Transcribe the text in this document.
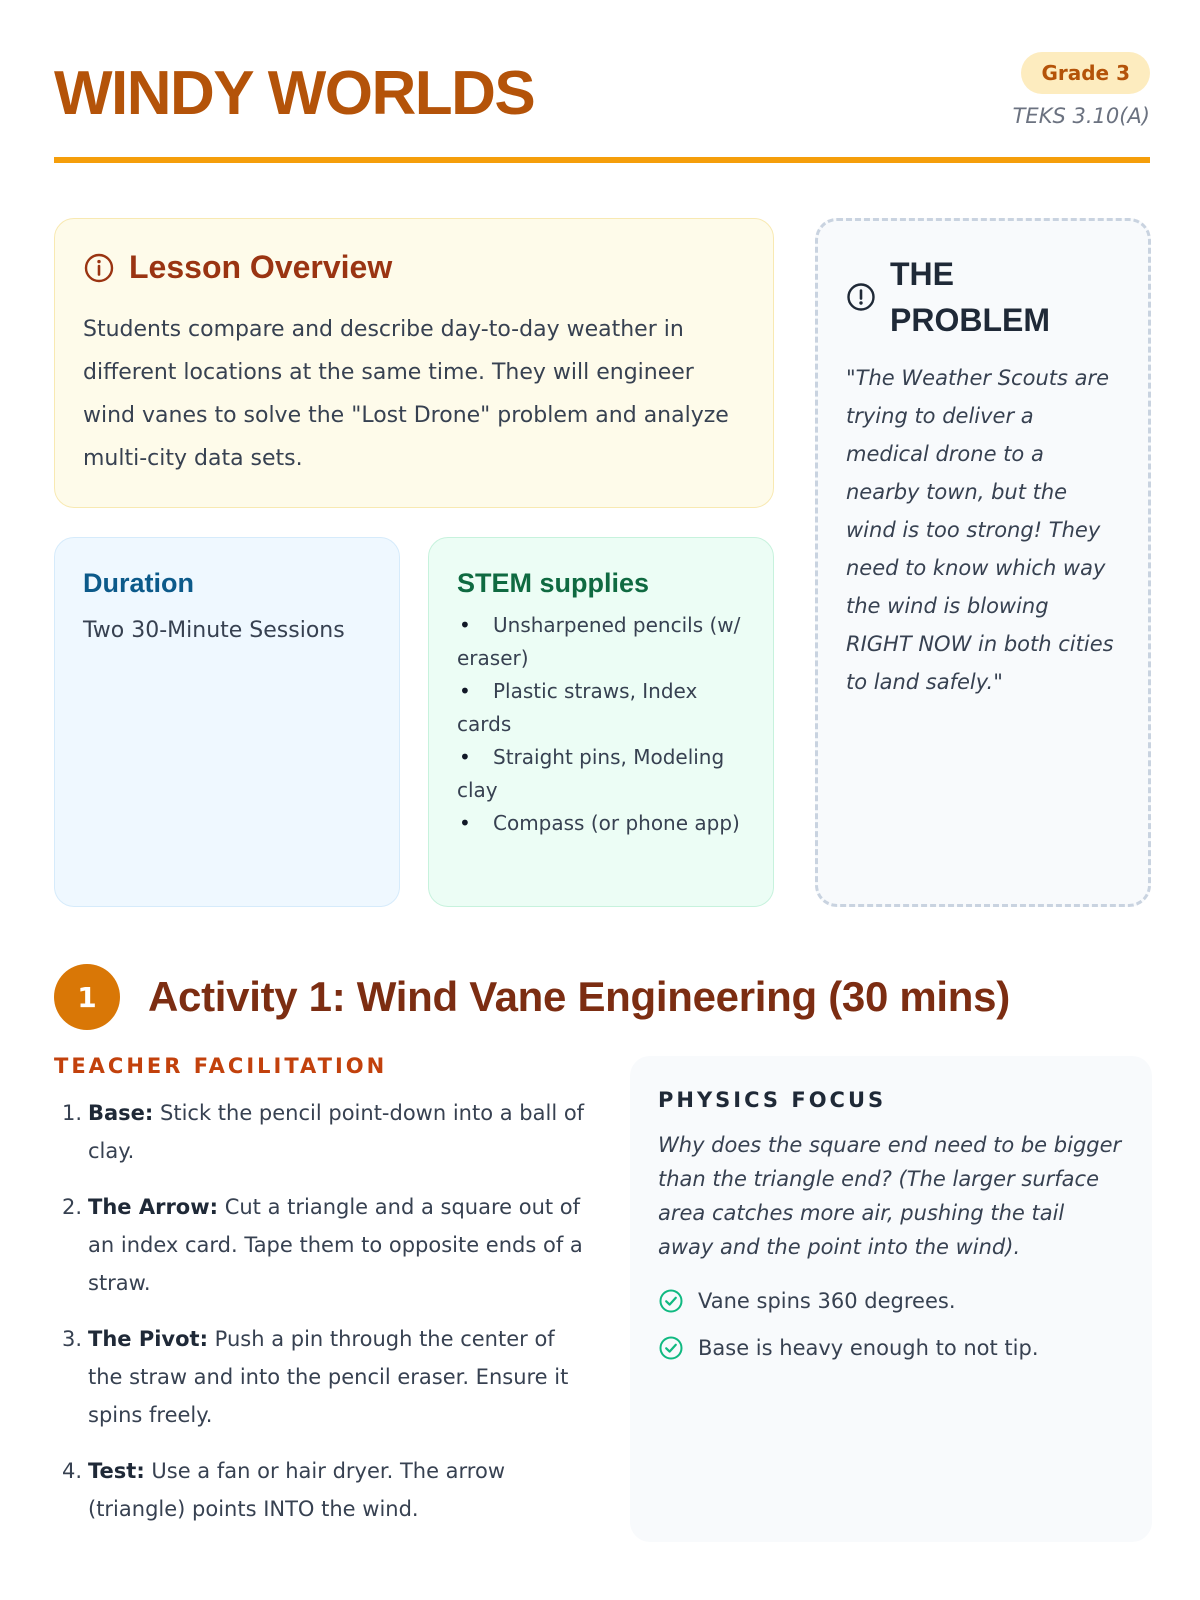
WINDY WORLDS	Grade 3
TEKS 3.10(A)
Lesson Overview

Students compare and describe day-to-day weather in different locations at the same time. They will engineer wind vanes to solve the "Lost Drone" problem and analyze multi-city data sets.

Duration

Two 30-Minute Sessions

STEM supplies
• Unsharpened pencils (w/ eraser)
• Plastic straws, Index cards
• Straight pins, Modeling clay
• Compass (or phone app)
THE PROBLEM

"The Weather Scouts are trying to deliver a medical drone to a nearby town, but the wind is too strong! They need to know which way the wind is blowing RIGHT NOW in both cities to land safely."

1	Activity 1: Wind Vane Engineering (30 mins)
TEACHER FACILITATION
1. Base: Stick the pencil point-down into a ball of clay.
2. The Arrow: Cut a triangle and a square out of an index card. Tape them to opposite ends of a straw.
3. The Pivot: Push a pin through the center of the straw and into the pencil eraser. Ensure it spins freely.
4. Test: Use a fan or hair dryer. The arrow (triangle) points INTO the wind.
PHYSICS FOCUS

Why does the square end need to be bigger than the triangle end? (The larger surface area catches more air, pushing the tail away and the point into the wind).

Vane spins 360 degrees.
Base is heavy enough to not tip.
